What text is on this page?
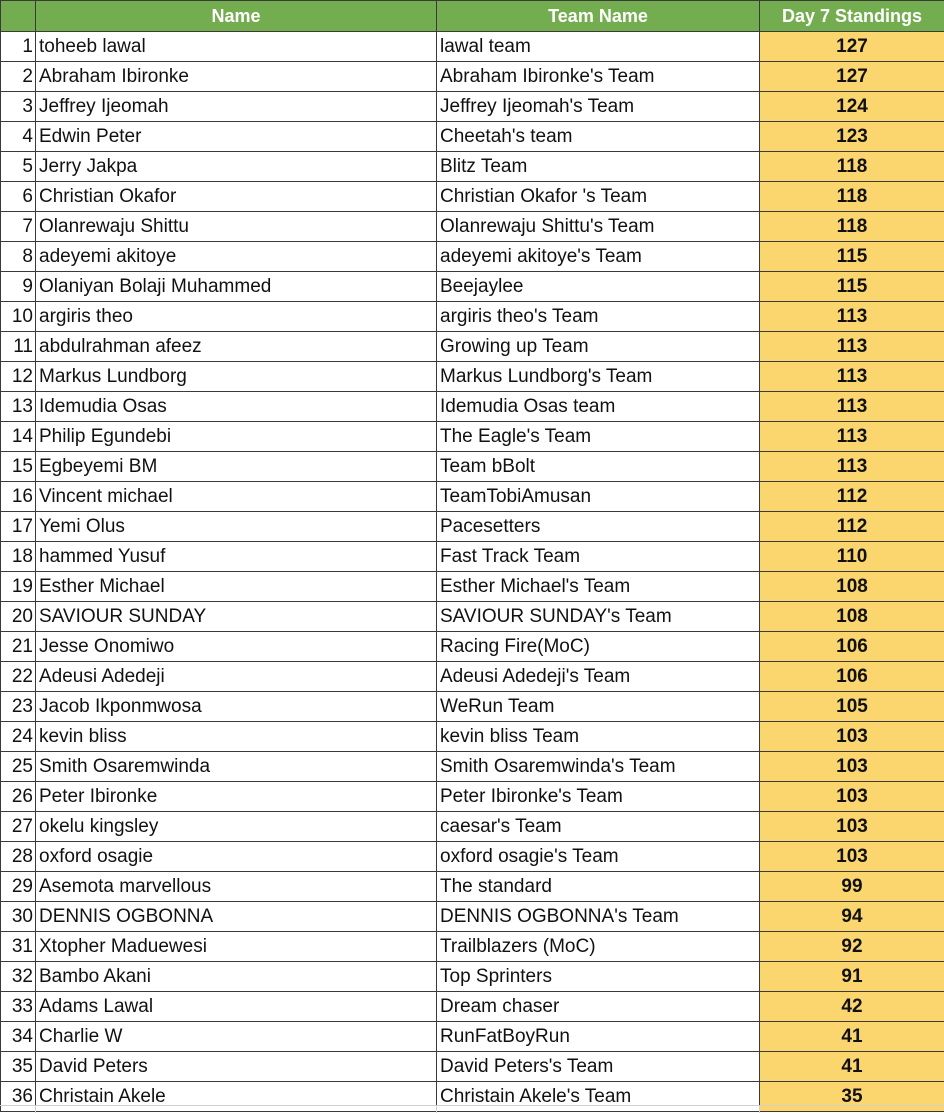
	Name	Team Name	Day 7 Standings
1	toheeb lawal	lawal team	127
2	Abraham Ibironke	Abraham Ibironke's Team	127
3	Jeffrey Ijeomah	Jeffrey Ijeomah's Team	124
4	Edwin Peter	Cheetah's team	123
5	Jerry Jakpa	Blitz Team	118
6	Christian Okafor	Christian Okafor 's Team	118
7	Olanrewaju Shittu	Olanrewaju Shittu's Team	118
8	adeyemi akitoye	adeyemi akitoye's Team	115
9	Olaniyan Bolaji Muhammed	Beejaylee	115
10	argiris theo	argiris theo's Team	113
11	abdulrahman afeez	Growing up Team	113
12	Markus Lundborg	Markus Lundborg's Team	113
13	Idemudia Osas	Idemudia Osas team	113
14	Philip Egundebi	The Eagle's Team	113
15	Egbeyemi BM	Team bBolt	113
16	Vincent michael	TeamTobiAmusan	112
17	Yemi Olus	Pacesetters	112
18	hammed Yusuf	Fast Track Team	110
19	Esther Michael	Esther Michael's Team	108
20	SAVIOUR SUNDAY	SAVIOUR SUNDAY's Team	108
21	Jesse Onomiwo	Racing Fire(MoC)	106
22	Adeusi Adedeji	Adeusi Adedeji's Team	106
23	Jacob Ikponmwosa	WeRun Team	105
24	kevin bliss	kevin bliss Team	103
25	Smith Osaremwinda	Smith Osaremwinda's Team	103
26	Peter Ibironke	Peter Ibironke's Team	103
27	okelu kingsley	caesar's Team	103
28	oxford osagie	oxford osagie's Team	103
29	Asemota marvellous	The standard	99
30	DENNIS OGBONNA	DENNIS OGBONNA's Team	94
31	Xtopher Maduewesi	Trailblazers (MoC)	92
32	Bambo Akani	Top Sprinters	91
33	Adams Lawal	Dream chaser	42
34	Charlie W	RunFatBoyRun	41
35	David Peters	David Peters's Team	41
36	Christain Akele	Christain Akele's Team	35
